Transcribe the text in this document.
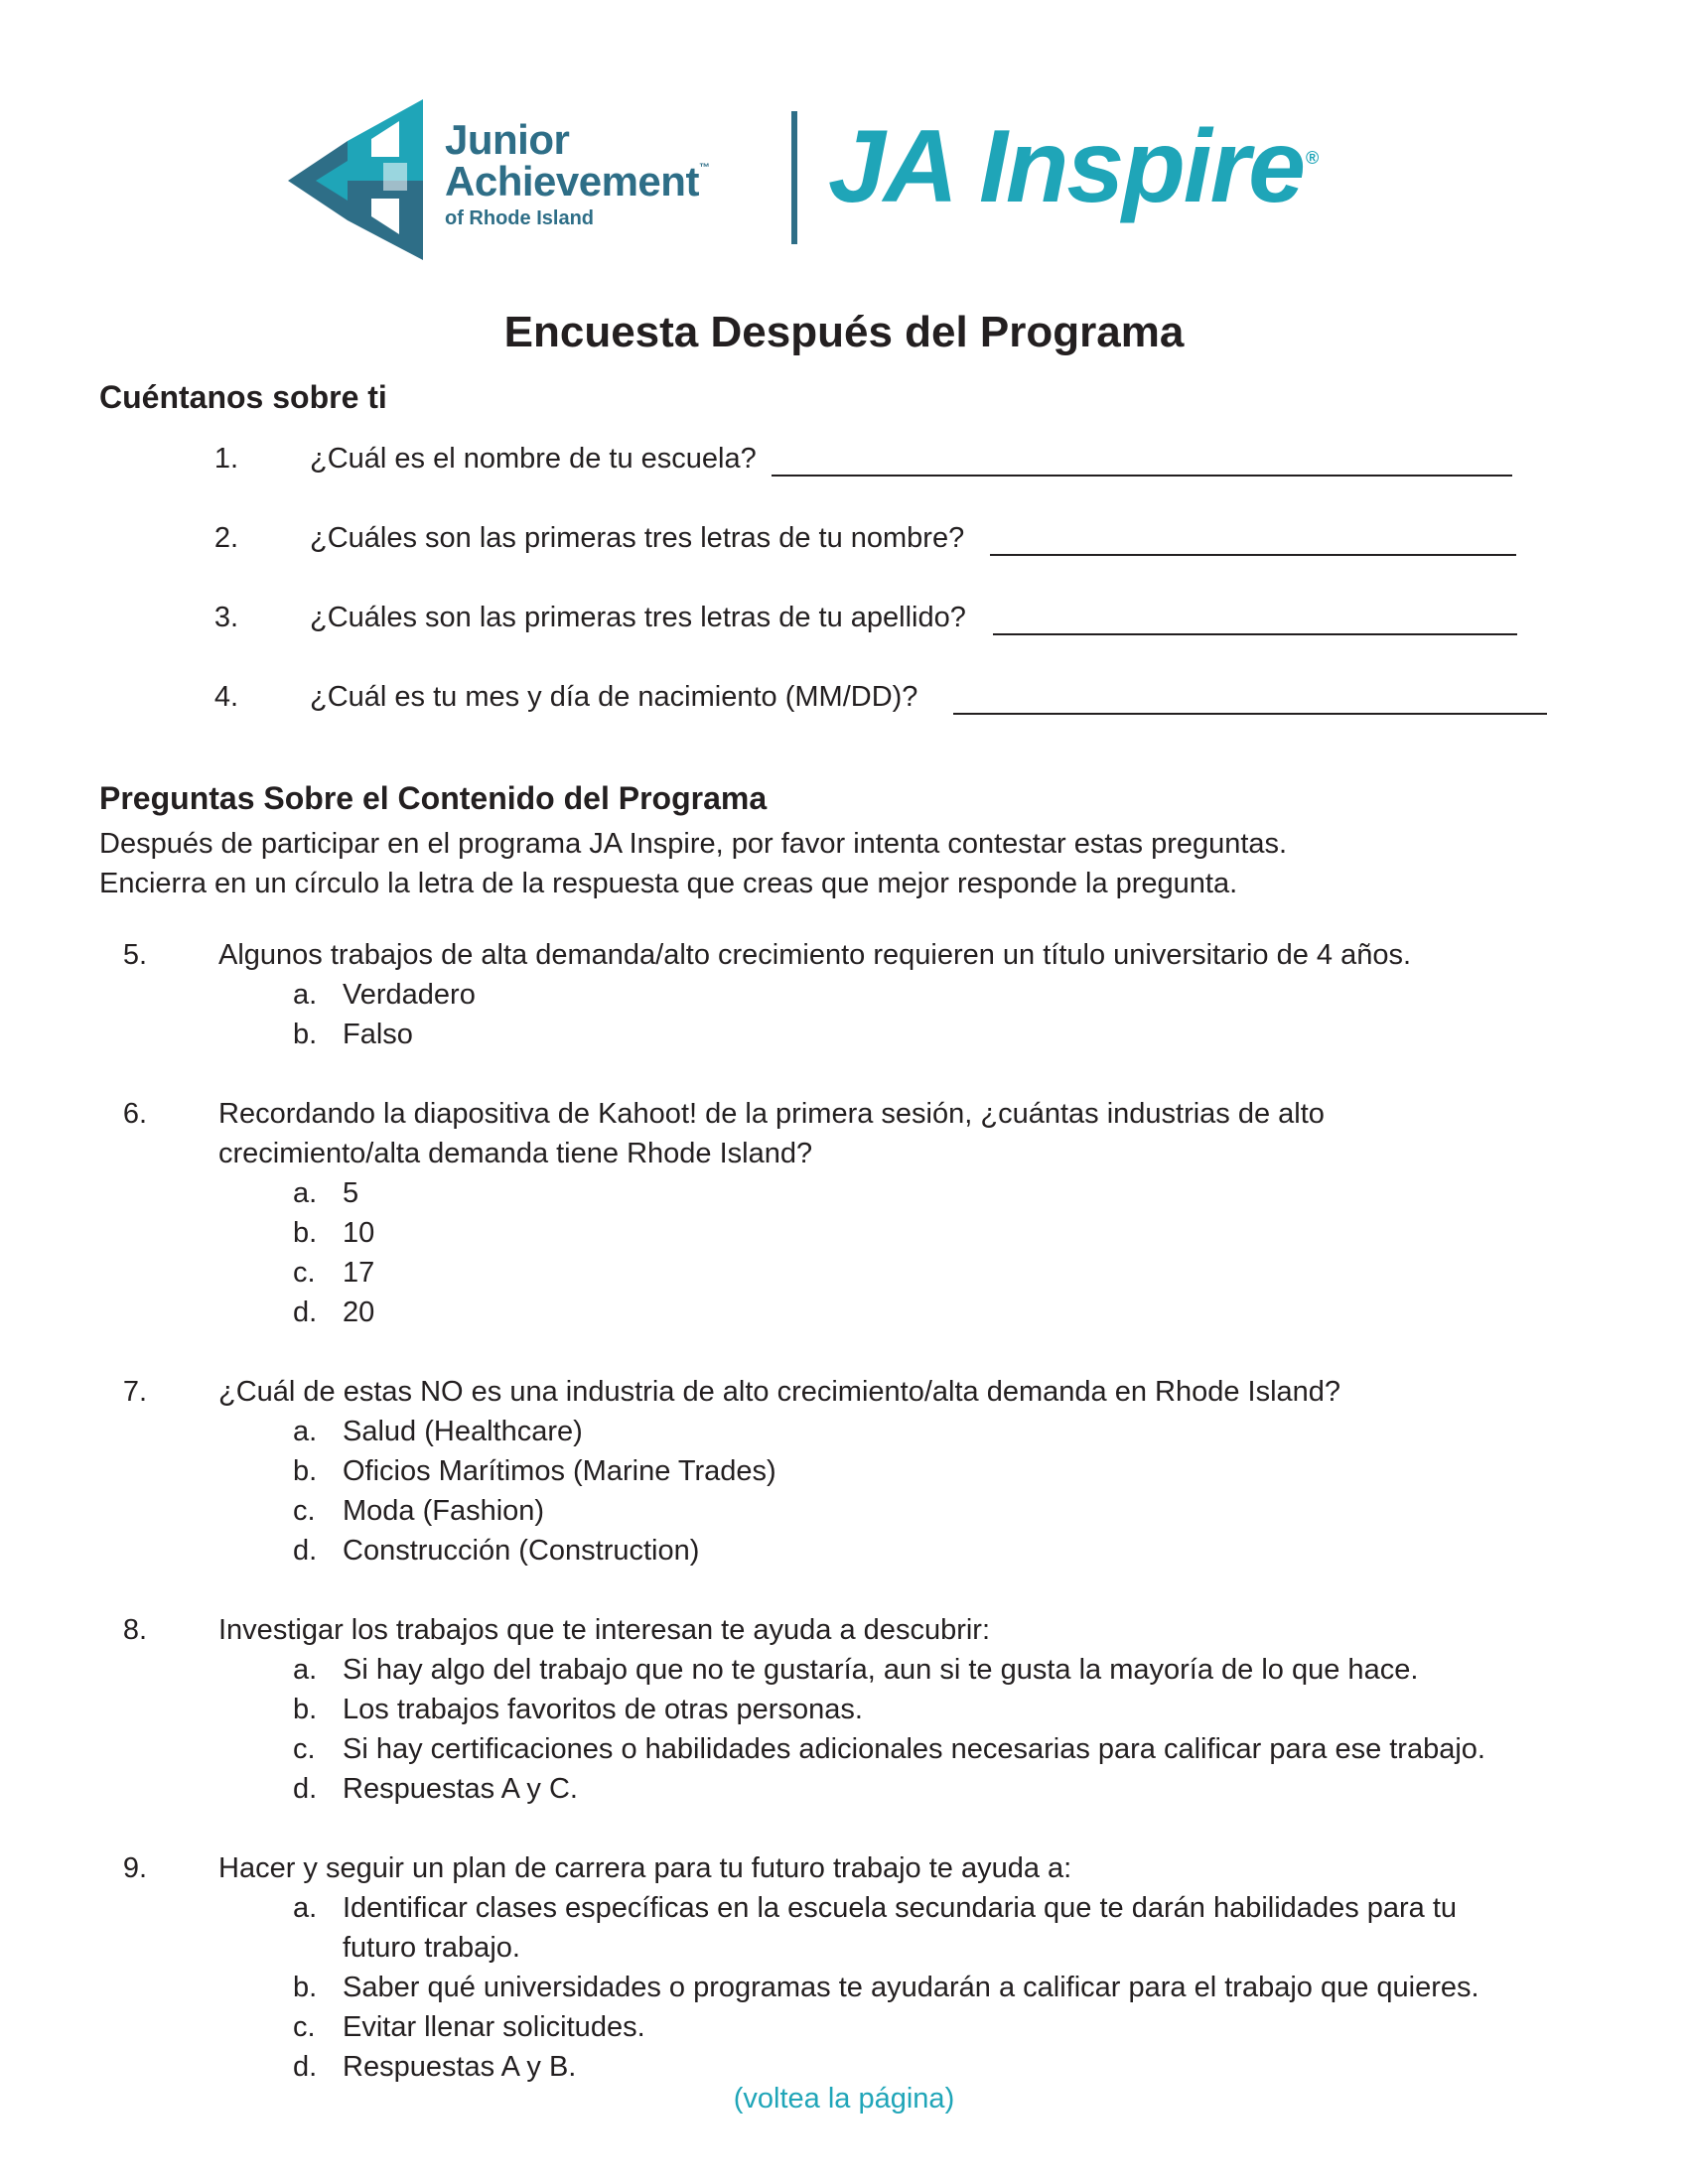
Junior
Achievement™
of Rhode Island	JA Inspire ®
Encuesta Después del Programa
Cuéntanos sobre ti
1. ¿Cuál es el nombre de tu escuela?
2. ¿Cuáles son las primeras tres letras de tu nombre?
3. ¿Cuáles son las primeras tres letras de tu apellido?
4. ¿Cuál es tu mes y día de nacimiento (MM/DD)?
Preguntas Sobre el Contenido del Programa
Después de participar en el programa JA Inspire, por favor intenta contestar estas preguntas.
Encierra en un círculo la letra de la respuesta que creas que mejor responde la pregunta.
5. Algunos trabajos de alta demanda/alto crecimiento requieren un título universitario de 4 años.
a. Verdadero
b. Falso
6. Recordando la diapositiva de Kahoot! de la primera sesión, ¿cuántas industrias de alto
crecimiento/alta demanda tiene Rhode Island?
a. 5
b. 10
c. 17
d. 20
7. ¿Cuál de estas NO es una industria de alto crecimiento/alta demanda en Rhode Island?
a. Salud (Healthcare)
b. Oficios Marítimos (Marine Trades)
c. Moda (Fashion)
d. Construcción (Construction)
8. Investigar los trabajos que te interesan te ayuda a descubrir:
a. Si hay algo del trabajo que no te gustaría, aun si te gusta la mayoría de lo que hace.
b. Los trabajos favoritos de otras personas.
c. Si hay certificaciones o habilidades adicionales necesarias para calificar para ese trabajo.
d. Respuestas A y C.
9. Hacer y seguir un plan de carrera para tu futuro trabajo te ayuda a:
a. Identificar clases específicas en la escuela secundaria que te darán habilidades para tu
futuro trabajo.
b. Saber qué universidades o programas te ayudarán a calificar para el trabajo que quieres.
c. Evitar llenar solicitudes.
d. Respuestas A y B.
(voltea la página)
